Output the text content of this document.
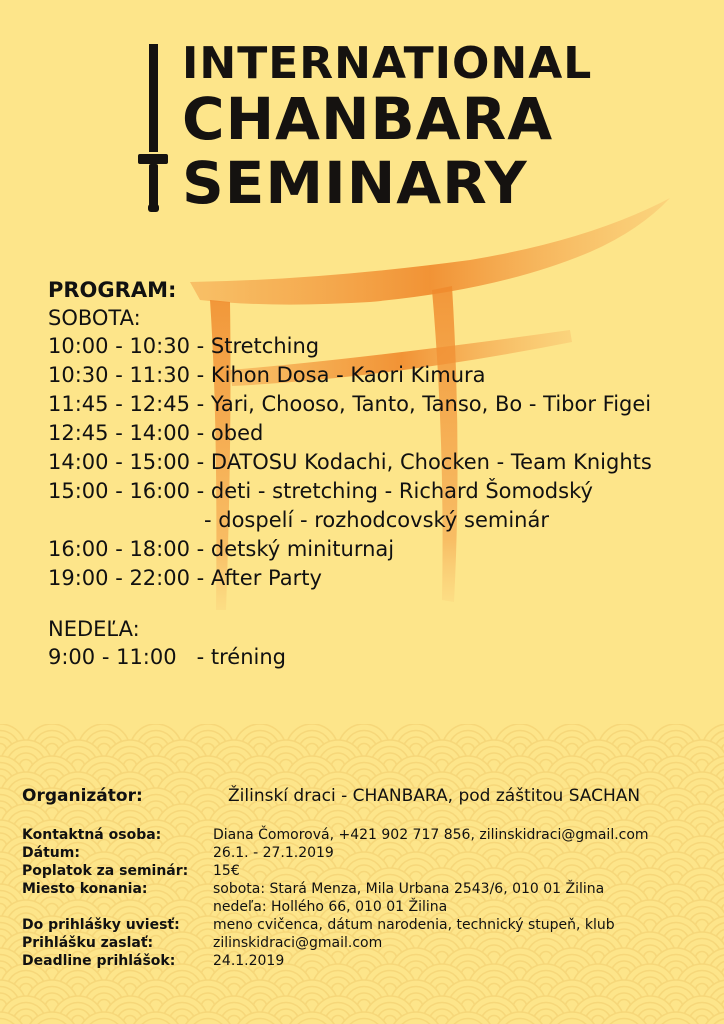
INTERNATIONAL
CHANBARA
SEMINARY
PROGRAM:
SOBOTA:
10:00 - 10:30 - Stretching
10:30 - 11:30 - Kihon Dosa - Kaori Kimura
11:45 - 12:45 - Yari, Chooso, Tanto, Tanso, Bo - Tibor Figei
12:45 - 14:00 - obed
14:00 - 15:00 - DATOSU Kodachi, Chocken - Team Knights
15:00 - 16:00 - deti - stretching - Richard Šomodský
- dospelí - rozhodcovský seminár
16:00 - 18:00 - detský miniturnaj
19:00 - 22:00 - After Party
NEDEĽA:
9:00 - 11:00   - tréning
Organizátor:	Žilinskí draci - CHANBARA, pod záštitou SACHAN
Kontaktná osoba:	Diana Čomorová, +421 902 717 856, zilinskidraci@gmail.com
Dátum:	26.1. - 27.1.2019
Poplatok za seminár:	15€
Miesto konania:	sobota: Stará Menza, Mila Urbana 2543/6, 010 01 Žilina
nedeľa: Hollého 66, 010 01 Žilina
Do prihlášky uviesť:	meno cvičenca, dátum narodenia, technický stupeň, klub
Prihlášku zaslať:	zilinskidraci@gmail.com
Deadline prihlášok:	24.1.2019
